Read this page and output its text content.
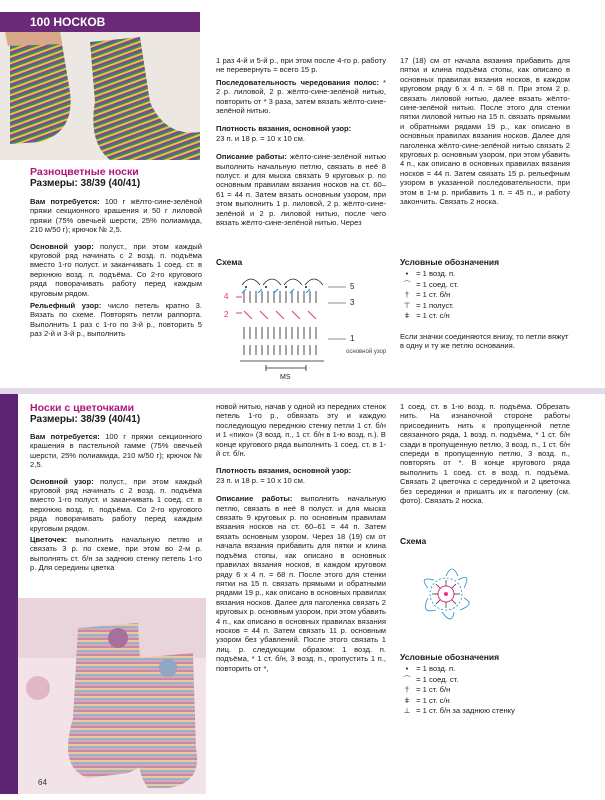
100 НОСКОВ
Разноцветные носки
Размеры: 38/39 (40/41)
Вам потребуется: 100 г жёлто-сине-зелёной пряжи секционного крашения и 50 г лиловой пряжи (75% овечьей шерсти, 25% полиамида, 210 м/50 г); крючок № 2,5.
Основной узор: полуст., при этом каждый круговой ряд начинать с 2 возд. п. подъёма вместо 1-го полуст. и заканчивать 1 соед. ст. в верхнюю возд. п. подъёма. Со 2-го кругового ряда поворачивать работу перед каждым круговым рядом.
Рельефный узор: число петель кратно 3. Вязать по схеме. Повторять петли раппорта. Выполнить 1 раз с 1-го по 3-й р., повторить 5 раз 2-й и 3-й р., выполнить
1 раз 4-й и 5-й р., при этом после 4-го р. работу не перевернуть = всего 15 р.
Последовательность чередования полос: * 2 р. лиловой, 2 р. жёлто-сине-зелёной нитью, повторить от * 3 раза, затем вязать жёлто-сине-зелёной нитью.
Плотность вязания, основной узор:
23 п. и 18 р. = 10 х 10 см.
Описание работы: жёлто-сине-зелёной нитью выполнить начальную петлю, связать в неё 8 полуст. и для мыска связать 9 круговых р. по основным правилам вязания носков на ст. 60–61 = 44 п. Затем вязать основным узором, при этом выполнить 1 р. лиловой, 2 р. жёлто-сине-зелёной и 2 р. лиловой нитью, после чего вязать жёлто-сине-зелёной нитью. Через
17 (18) см от начала вязания прибавить для пятки и клина подъёма стопы, как описано в основных правилах вязания носков, в каждом круговом ряду 6 х 4 п. = 68 п. При этом 2 р. связать лиловой нитью, далее вязать жёлто-сине-зелёной нитью. После этого для стенки пятки лиловой нитью на 15 п. связать прямыми и обратными рядами 19 р., как описано в основных правилах вязания носков. Далее для паголенка жёлто-сине-зелёной нитью связать 2 круговых р. основным узором, при этом убавить 4 п., как описано в основных правилах вязания носков = 44 п. Затем связать 15 р. рельефным узором в указанной последовательности, при этом в 1-м р. прибавить 1 п. = 45 п., и работу закончить. Связать 2 носка.
Схема
5
4
3
2
1
основной узор
MS
Условные обозначения
• = 1 возд. п.
⌒ = 1 соед. ст.
† = 1 ст. б/н
⊤ = 1 полуст.
ǂ = 1 ст. с/н
Если значки соединяются внизу, то петли вяжут в одну и ту же петлю основания.
Носки с цветочками
Размеры: 38/39 (40/41)
Вам потребуется: 100 г пряжи секционного крашения в пастельной гамме (75% овечьей шерсти, 25% полиамида, 210 м/50 г); крючок № 2,5.
Основной узор: полуст., при этом каждый круговой ряд начинать с 2 возд. п. подъёма вместо 1-го полуст. и заканчивать 1 соед. ст. в верхнюю возд. п. подъёма. Со 2-го кругового ряда поворачивать работу перед каждым круговым рядом.
Цветочек: выполнить начальную петлю и связать 3 р. по схеме, при этом во 2-м р. выполнять ст. б/н за заднюю стенку петель 1-го р. Для середины цветка
новой нитью, начав у одной из передних стенок петель 1-го р., обвязать эту и каждую последующую переднюю стенку петли 1 ст. б/н и 1 «пико» (3 возд. п., 1 ст. б/н в 1-ю возд. п.). В конце кругового ряда выполнить 1 соед. ст. в 1-й ст. б/н.
Плотность вязания, основной узор:
23 п. и 18 р. = 10 х 10 см.
Описание работы: выполнить начальную петлю, связать в неё 8 полуст. и для мыска связать 9 круговых р. по основным правилам вязания носков на ст. 60–61 = 44 п. Затем вязать основным узором. Через 18 (19) см от начала вязания прибавить для пятки и клина подъёма стопы, как описано в основных правилах вязания носков, в каждом круговом ряду 6 х 4 п. = 68 п. После этого для стенки пятки на 15 п. связать прямыми и обратными рядами 19 р., как описано в основных правилах вязания носков. Далее для паголенка связать 2 круговых р. основным узором, при этом убавить 4 п., как описано в основных правилах вязания носков = 44 п. Затем связать 11 р. основным узором без убавлений. После этого связать 1 лиц. р. следующим образом: 1 возд. п. подъёма, * 1 ст. б/н, 3 возд. п., пропустить 1 п., повторить от *,
1 соед. ст. в 1-ю возд. п. подъёма. Обрезать нить. На изнаночной стороне работы присоединить нить к пропущенной петле связанного ряда, 1 возд. п. подъёма, * 1 ст. б/н сзади в пропущенную петлю, 3 возд. п., 1 ст. б/н спереди в пропущенную петлю, 3 возд. п., повторять от *. В конце кругового ряда выполнить 1 соед. ст. в возд. п. подъёма. Связать 2 цветочка с серединкой и 2 цветочка без серединки и пришить их к паголенку (см. фото). Связать 2 носка.
Схема
Условные обозначения
• = 1 возд. п.
⌒ = 1 соед. ст.
† = 1 ст. б/н
ǂ = 1 ст. с/н
⊥ = 1 ст. б/н за заднюю стенку
64
